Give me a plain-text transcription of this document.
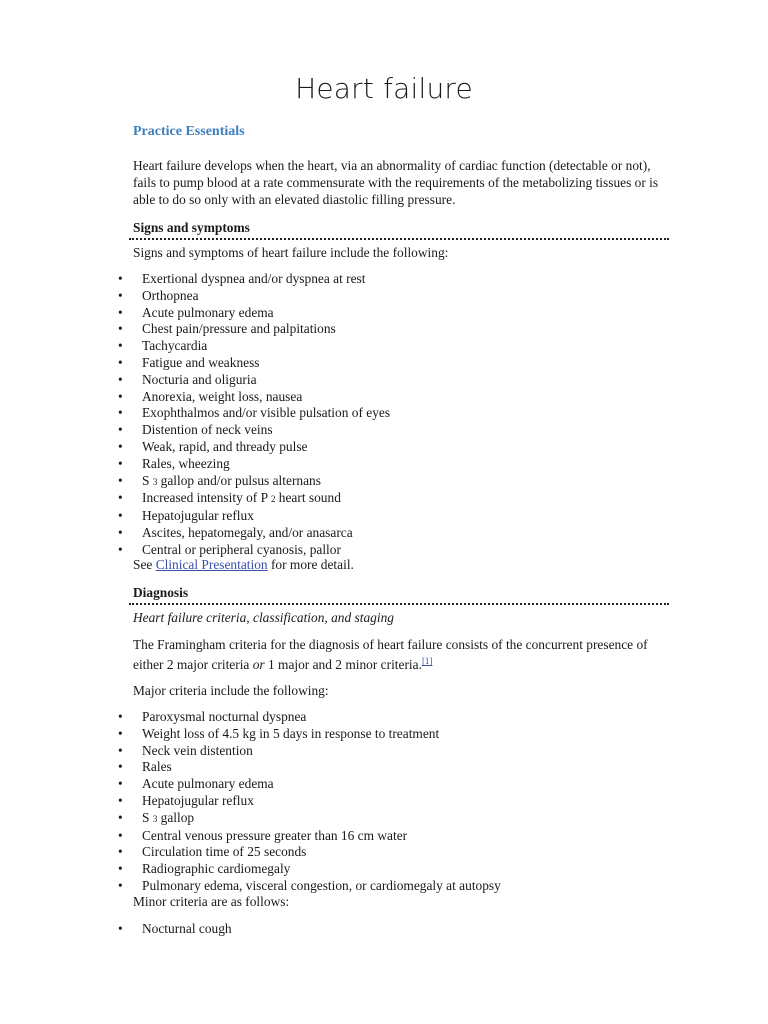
Heart failure
Practice Essentials
Heart failure develops when the heart, via an abnormality of cardiac function (detectable or not), fails to pump blood at a rate commensurate with the requirements of the metabolizing tissues or is able to do so only with an elevated diastolic filling pressure.
Signs and symptoms
Signs and symptoms of heart failure include the following:
• Exertional dyspnea and/or dyspnea at rest
• Orthopnea
• Acute pulmonary edema
• Chest pain/pressure and palpitations
• Tachycardia
• Fatigue and weakness
• Nocturia and oliguria
• Anorexia, weight loss, nausea
• Exophthalmos and/or visible pulsation of eyes
• Distention of neck veins
• Weak, rapid, and thready pulse
• Rales, wheezing
• S 3 gallop and/or pulsus alternans
• Increased intensity of P 2 heart sound
• Hepatojugular reflux
• Ascites, hepatomegaly, and/or anasarca
• Central or peripheral cyanosis, pallor
See Clinical Presentation for more detail.
Diagnosis
Heart failure criteria, classification, and staging
The Framingham criteria for the diagnosis of heart failure consists of the concurrent presence of either 2 major criteria or 1 major and 2 minor criteria.[1]
Major criteria include the following:
• Paroxysmal nocturnal dyspnea
• Weight loss of 4.5 kg in 5 days in response to treatment
• Neck vein distention
• Rales
• Acute pulmonary edema
• Hepatojugular reflux
• S 3 gallop
• Central venous pressure greater than 16 cm water
• Circulation time of 25 seconds
• Radiographic cardiomegaly
• Pulmonary edema, visceral congestion, or cardiomegaly at autopsy
Minor criteria are as follows:
• Nocturnal cough
